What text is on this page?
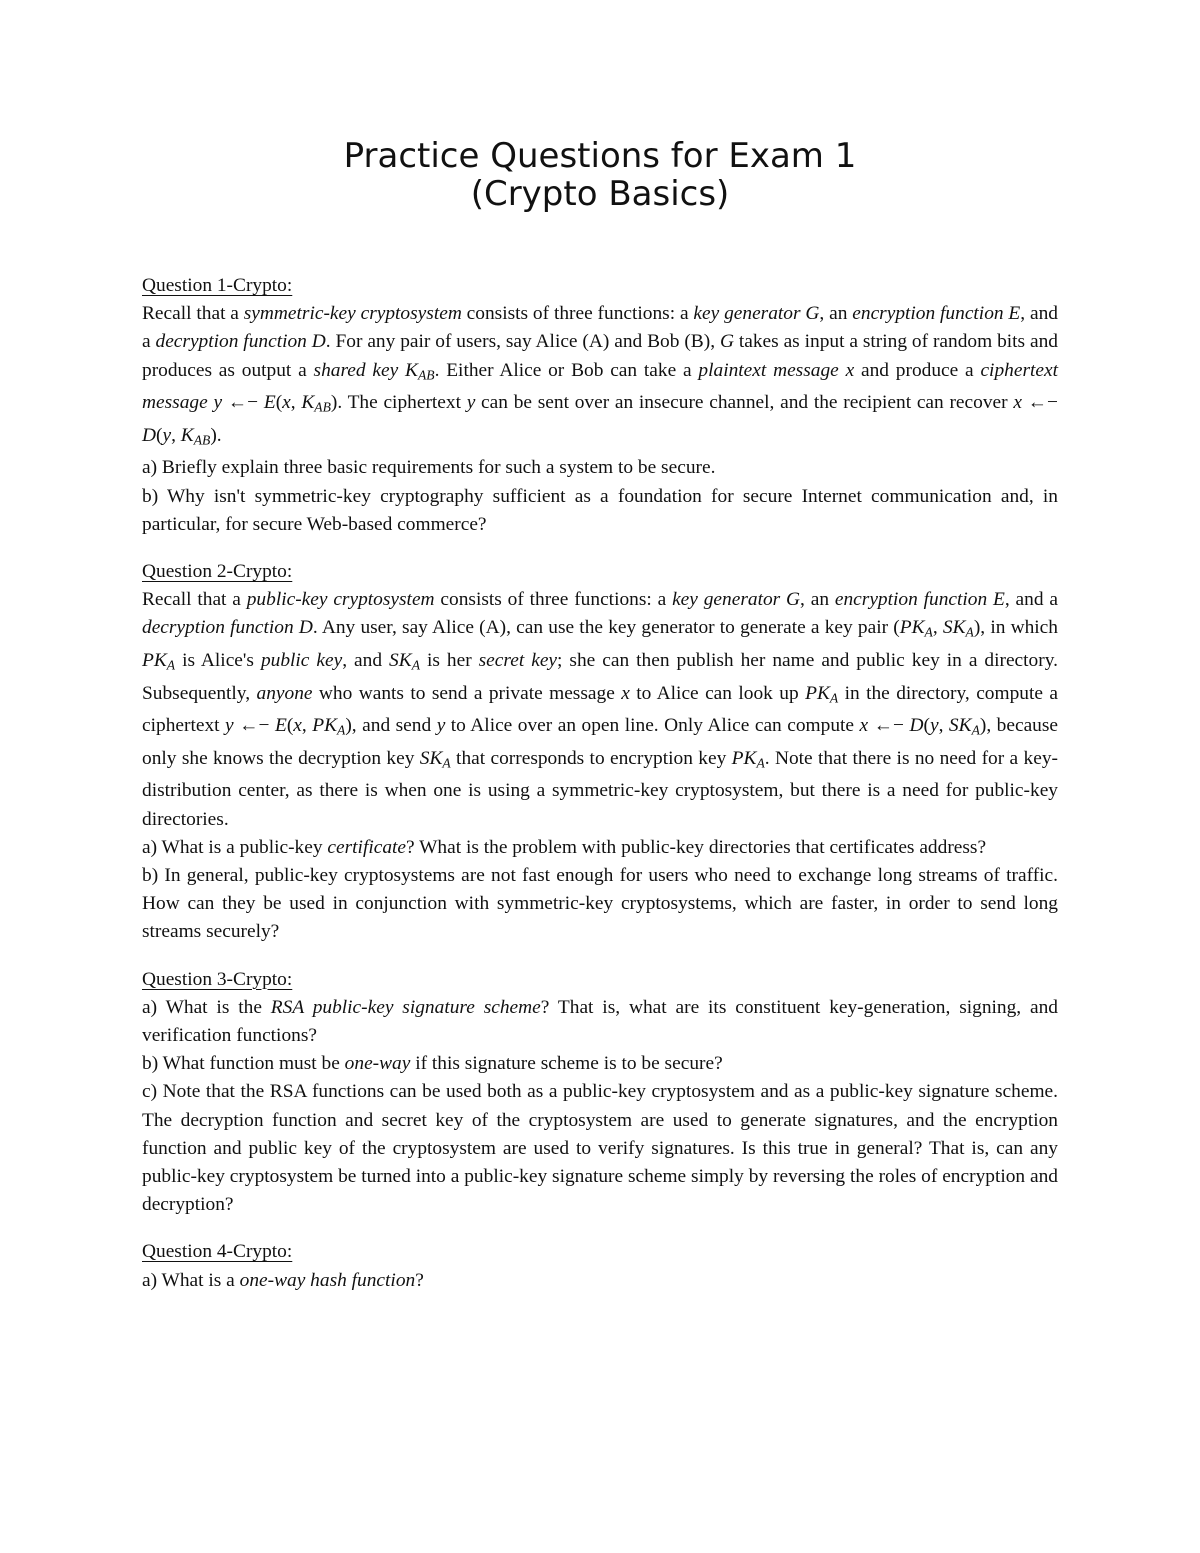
Practice Questions for Exam 1
(Crypto Basics)
Question 1-Crypto:

Recall that a symmetric-key cryptosystem consists of three functions: a key generator G, an encryption function E, and a decryption function D. For any pair of users, say Alice (A) and Bob (B), G takes as input a string of random bits and produces as output a shared key KAB. Either Alice or Bob can take a plaintext message x and produce a ciphertext message y ←− E(x, KAB). The ciphertext y can be sent over an insecure channel, and the recipient can recover x ←− D(y, KAB).

a) Briefly explain three basic requirements for such a system to be secure.

b) Why isn't symmetric-key cryptography sufficient as a foundation for secure Internet communication and, in particular, for secure Web-based commerce?

Question 2-Crypto:

Recall that a public-key cryptosystem consists of three functions: a key generator G, an encryption function E, and a decryption function D. Any user, say Alice (A), can use the key generator to generate a key pair (PKA, SKA), in which PKA is Alice's public key, and SKA is her secret key; she can then publish her name and public key in a directory. Subsequently, anyone who wants to send a private message x to Alice can look up PKA in the directory, compute a ciphertext y ←− E(x, PKA), and send y to Alice over an open line. Only Alice can compute x ←− D(y, SKA), because only she knows the decryption key SKA that corresponds to encryption key PKA. Note that there is no need for a key-distribution center, as there is when one is using a symmetric-key cryptosystem, but there is a need for public-key directories.

a) What is a public-key certificate? What is the problem with public-key directories that certificates address?

b) In general, public-key cryptosystems are not fast enough for users who need to exchange long streams of traffic. How can they be used in conjunction with symmetric-key cryptosystems, which are faster, in order to send long streams securely?

Question 3-Crypto:

a) What is the RSA public-key signature scheme? That is, what are its constituent key-generation, signing, and verification functions?

b) What function must be one-way if this signature scheme is to be secure?

c) Note that the RSA functions can be used both as a public-key cryptosystem and as a public-key signature scheme. The decryption function and secret key of the cryptosystem are used to generate signatures, and the encryption function and public key of the cryptosystem are used to verify signatures. Is this true in general? That is, can any public-key cryptosystem be turned into a public-key signature scheme simply by reversing the roles of encryption and decryption?

Question 4-Crypto:

a) What is a one-way hash function?
